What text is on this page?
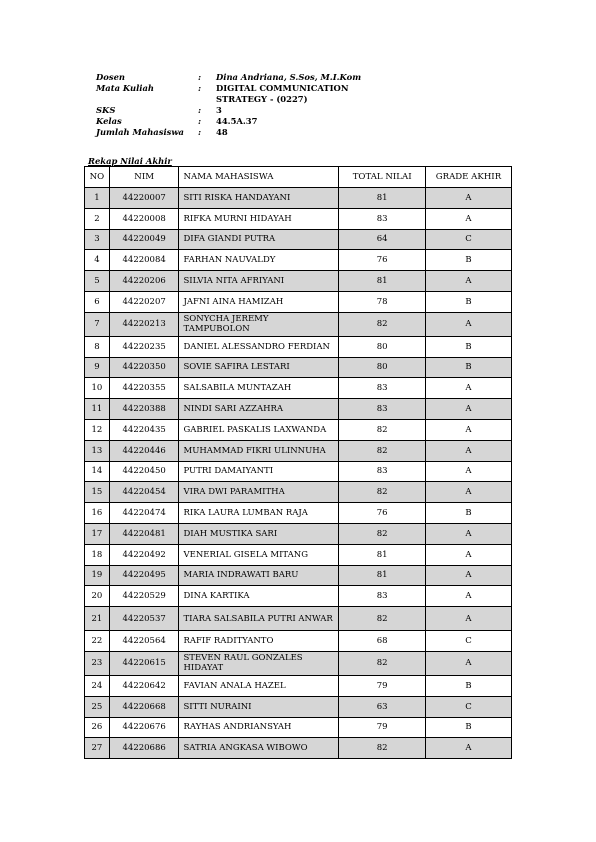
Dosen	:	Dina Andriana, S.Sos, M.I.Kom
Mata Kuliah	:	DIGITAL COMMUNICATION
STRATEGY - (0227)
SKS	:	3
Kelas	:	44.5A.37
Jumlah Mahasiswa	:	48
Rekap Nilai Akhir
NO	NIM	NAMA MAHASISWA	TOTAL NILAI	GRADE AKHIR
1	44220007	SITI RISKA HANDAYANI	81	A
2	44220008	RIFKA MURNI HIDAYAH	83	A
3	44220049	DIFA GIANDI PUTRA	64	C
4	44220084	FARHAN NAUVALDY	76	B
5	44220206	SILVIA NITA AFRIYANI	81	A
6	44220207	JAFNI AINA HAMIZAH	78	B
7	44220213	SONYCHA JEREMY TAMPUBOLON	82	A
8	44220235	DANIEL ALESSANDRO FERDIAN	80	B
9	44220350	SOVIE SAFIRA LESTARI	80	B
10	44220355	SALSABILA MUNTAZAH	83	A
11	44220388	NINDI SARI AZZAHRA	83	A
12	44220435	GABRIEL PASKALIS LAXWANDA	82	A
13	44220446	MUHAMMAD FIKRI ULINNUHA	82	A
14	44220450	PUTRI DAMAIYANTI	83	A
15	44220454	VIRA DWI PARAMITHA	82	A
16	44220474	RIKA LAURA LUMBAN RAJA	76	B
17	44220481	DIAH MUSTIKA SARI	82	A
18	44220492	VENERIAL GISELA MITANG	81	A
19	44220495	MARIA INDRAWATI BARU	81	A
20	44220529	DINA KARTIKA	83	A
21	44220537	TIARA SALSABILA PUTRI ANWAR	82	A
22	44220564	RAFIF RADITYANTO	68	C
23	44220615	STEVEN RAUL GONZALES HIDAYAT	82	A
24	44220642	FAVIAN ANALA HAZEL	79	B
25	44220668	SITTI NURAINI	63	C
26	44220676	RAYHAS ANDRIANSYAH	79	B
27	44220686	SATRIA ANGKASA WIBOWO	82	A
